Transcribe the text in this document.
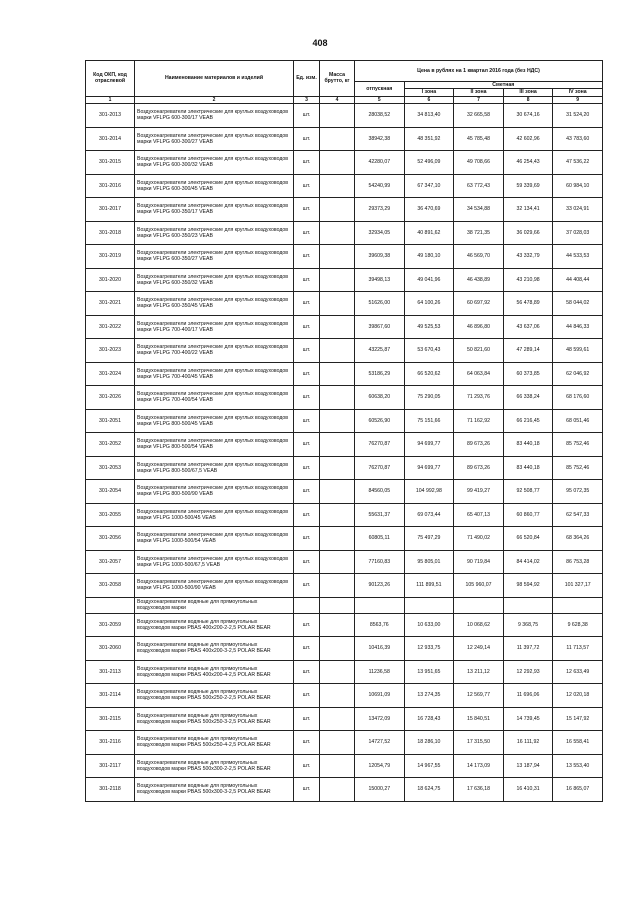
408
Код ОКП, код отраслевой	Наименование материалов и изделий	Ед. изм.	Масса брутто, кг	Цена в рублях на 1 квартал 2016 года (без НДС)				
				отпускная	Сметная			
					I зона	II зона	III зона	IV зона
1	2	3	4	5	6	7	8	9
301-2013	Воздухонагреватели электрические для круглых воздуховодов марки VFLPG 600-300/17 VEAB	шт.		28038,52	34 813,40	32 665,58	30 674,16	31 524,20
301-2014	Воздухонагреватели электрические для круглых воздуховодов марки VFLPG 600-300/27 VEAB	шт.		38942,38	48 351,92	45 785,48	42 602,96	43 783,60
301-2015	Воздухонагреватели электрические для круглых воздуховодов марки VFLPG 600-300/32 VEAB	шт.		42280,07	52 496,09	49 708,66	46 254,43	47 536,22
301-2016	Воздухонагреватели электрические для круглых воздуховодов марки VFLPG 600-300/45 VEAB	шт.		54240,99	67 347,10	63 772,43	59 339,69	60 984,10
301-2017	Воздухонагреватели электрические для круглых воздуховодов марки VFLPG 600-350/17 VEAB	шт.		29373,29	36 470,69	34 534,88	32 134,41	33 024,91
301-2018	Воздухонагреватели электрические для круглых воздуховодов марки VFLPG 600-350/23 VEAB	шт.		32934,05	40 891,62	38 721,35	36 029,66	37 028,03
301-2019	Воздухонагреватели электрические для круглых воздуховодов марки VFLPG 600-350/27 VEAB	шт.		39609,38	49 180,10	46 569,70	43 332,79	44 533,53
301-2020	Воздухонагреватели электрические для круглых воздуховодов марки VFLPG 600-350/32 VEAB	шт.		39498,13	49 041,96	46 438,89	43 210,98	44 408,44
301-2021	Воздухонагреватели электрические для круглых воздуховодов марки VFLPG 600-350/45 VEAB	шт.		51626,00	64 100,26	60 697,92	56 478,89	58 044,02
301-2022	Воздухонагреватели электрические для круглых воздуховодов марки VFLPG 700-400/17 VEAB	шт.		39867,60	49 525,53	46 896,80	43 637,06	44 846,33
301-2023	Воздухонагреватели электрические для круглых воздуховодов марки VFLPG 700-400/22 VEAB	шт.		43225,87	53 670,43	50 821,60	47 289,14	48 599,61
301-2024	Воздухонагреватели электрические для круглых воздуховодов марки VFLPG 700-400/45 VEAB	шт.		53186,29	66 520,62	64 063,84	60 373,85	62 046,92
301-2026	Воздухонагреватели электрические для круглых воздуховодов марки VFLPG 700-400/54 VEAB	шт.		60638,20	75 290,05	71 293,76	66 338,24	68 176,60
301-2051	Воздухонагреватели электрические для круглых воздуховодов марки VFLPG 800-500/45 VEAB	шт.		60526,90	75 151,66	71 162,92	66 216,45	68 051,46
301-2052	Воздухонагреватели электрические для круглых воздуховодов марки VFLPG 800-500/54 VEAB	шт.		76270,87	94 699,77	89 673,26	83 440,18	85 752,46
301-2053	Воздухонагреватели электрические для круглых воздуховодов марки VFLPG 800-500/67,5 VEAB	шт.		76270,87	94 699,77	89 673,26	83 440,18	85 752,46
301-2054	Воздухонагреватели электрические для круглых воздуховодов марки VFLPG 800-500/90 VEAB	шт.		84560,05	104 992,98	99 419,27	92 508,77	95 072,35
301-2055	Воздухонагреватели электрические для круглых воздуховодов марки VFLPG 1000-500/45 VEAB	шт.		55631,37	69 073,44	65 407,13	60 860,77	62 547,33
301-2056	Воздухонагреватели электрические для круглых воздуховодов марки VFLPG 1000-500/54 VEAB	шт.		60805,11	75 497,29	71 490,02	66 520,84	68 364,26
301-2057	Воздухонагреватели электрические для круглых воздуховодов марки VFLPG 1000-500/67,5 VEAB	шт.		77160,83	95 805,01	90 719,84	84 414,02	86 753,28
301-2058	Воздухонагреватели электрические для круглых воздуховодов марки VFLPG 1000-500/90 VEAB	шт.		90123,26	111 899,51	105 960,07	98 594,92	101 327,17
	Воздухонагреватели водяные для прямоугольных воздуховодов марки							
301-2059	Воздухонагреватели водяные для прямоугольных воздуховодов марки PBAS 400х200-2-2,5 POLAR BEAR	шт.		8563,76	10 633,00	10 068,62	9 368,75	9 628,38
301-2060	Воздухонагреватели водяные для прямоугольных воздуховодов марки PBAS 400х200-3-2,5 POLAR BEAR	шт.		10416,39	12 933,75	12 249,14	11 397,72	11 713,57
301-2113	Воздухонагреватели водяные для прямоугольных воздуховодов марки PBAS 400х200-4-2,5 POLAR BEAR	шт.		11236,58	13 951,65	13 211,12	12 292,93	12 633,49
301-2114	Воздухонагреватели водяные для прямоугольных воздуховодов марки PBAS 500х250-2-2,5 POLAR BEAR	шт.		10691,09	13 274,35	12 569,77	11 696,06	12 020,18
301-2115	Воздухонагреватели водяные для прямоугольных воздуховодов марки PBAS 500х250-3-2,5 POLAR BEAR	шт.		13472,09	16 728,43	15 840,51	14 739,45	15 147,92
301-2116	Воздухонагреватели водяные для прямоугольных воздуховодов марки PBAS 500х250-4-2,5 POLAR BEAR	шт.		14727,52	18 286,10	17 315,50	16 111,92	16 558,41
301-2117	Воздухонагреватели водяные для прямоугольных воздуховодов марки PBAS 500х300-2-2,5 POLAR BEAR	шт.		12054,79	14 967,55	14 173,09	13 187,94	13 553,40
301-2118	Воздухонагреватели водяные для прямоугольных воздуховодов марки PBAS 500х300-3-2,5 POLAR BEAR	шт.		15000,27	18 624,75	17 636,18	16 410,31	16 865,07
